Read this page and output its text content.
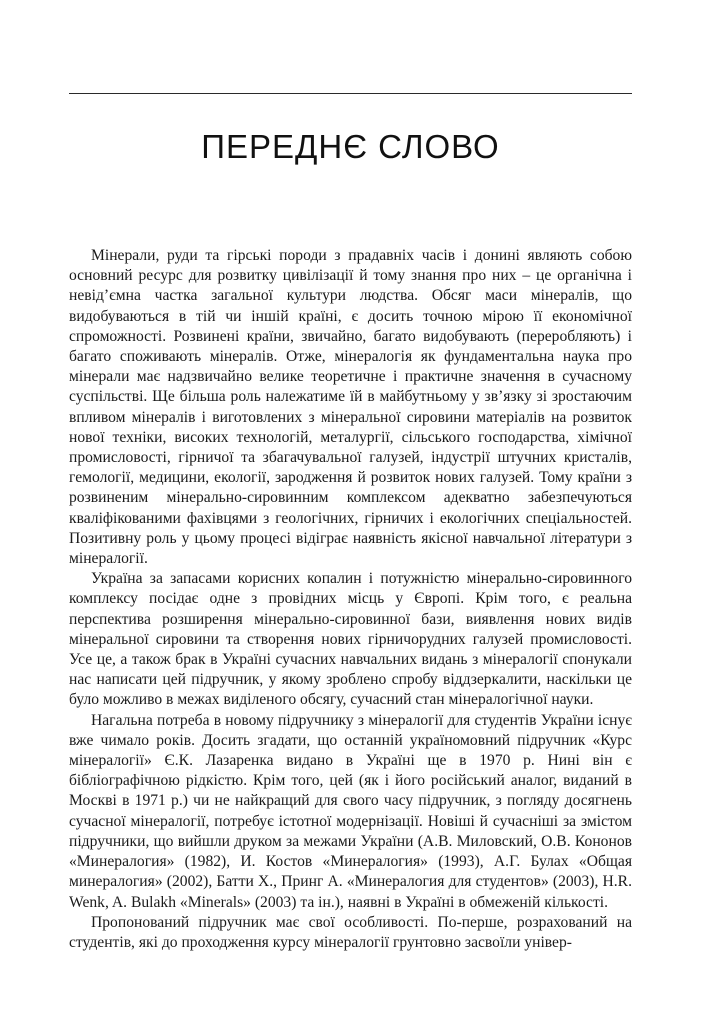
ПЕРЕДНЄ СЛОВО

Мінерали, руди та гірські породи з прадавніх часів і донині являють собою основний ресурс для розвитку цивілізації й тому знання про них – це органічна і невід’ємна частка загальної культури людства. Обсяг маси мінералів, що видобуваються в тій чи іншій країні, є досить точною мірою її економічної спроможності. Розвинені країни, звичайно, багато видобувають (переробляють) і багато споживають мінералів. Отже, мінералогія як фундаментальна наука про мінерали має надзвичайно велике теоретичне і практичне значення в сучасному суспільстві. Ще більша роль належатиме їй в майбутньому у зв’язку зі зростаючим впливом мінералів і виготовлених з мінеральної сировини матеріалів на розвиток нової техніки, високих технологій, металургії, сільського господарства, хімічної промисловості, гірничої та збагачувальної галузей, індустрії штучних кристалів, гемології, медицини, екології, зародження й розвиток нових галузей. Тому країни з розвиненим мінерально-сировинним комплексом адекватно забезпечуються кваліфікованими фахівцями з геологічних, гірничих і екологічних спеціальностей. Позитивну роль у цьому процесі відіграє наявність якісної навчальної літератури з мінералогії.

Україна за запасами корисних копалин і потужністю мінерально-сировинного комплексу посідає одне з провідних місць у Європі. Крім того, є реальна перспектива розширення мінерально-сировинної бази, виявлення нових видів мінеральної сировини та створення нових гірничорудних галузей промисловості. Усе це, а також брак в Україні сучасних навчальних видань з мінералогії спонукали нас написати цей підручник, у якому зроблено спробу віддзеркалити, наскільки це було можливо в межах виділеного обсягу, сучасний стан мінералогічної науки.

Нагальна потреба в новому підручнику з мінералогії для студентів України існує вже чимало років. Досить згадати, що останній україномовний підручник «Курс мінералогії» Є.К. Лазаренка видано в Україні ще в 1970 р. Нині він є бібліографічною рідкістю. Крім того, цей (як і його російський аналог, виданий в Москві в 1971 р.) чи не найкращий для свого часу підручник, з погляду досягнень сучасної мінералогії, потребує істотної модернізації. Новіші й сучасніші за змістом підручники, що вийшли друком за межами України (А.В. Миловский, О.В. Кононов «Минералогия» (1982), И. Костов «Минералогия» (1993), А.Г. Булах «Общая минералогия» (2002), Батти Х., Принг А. «Минералогия для студентов» (2003), H.R. Wenk, A. Bulakh «Minerals» (2003) та ін.), наявні в Україні в обмеженій кількості.

Пропонований підручник має свої особливості. По-перше, розрахований на студентів, які до проходження курсу мінералогії грунтовно засвоїли універ-
